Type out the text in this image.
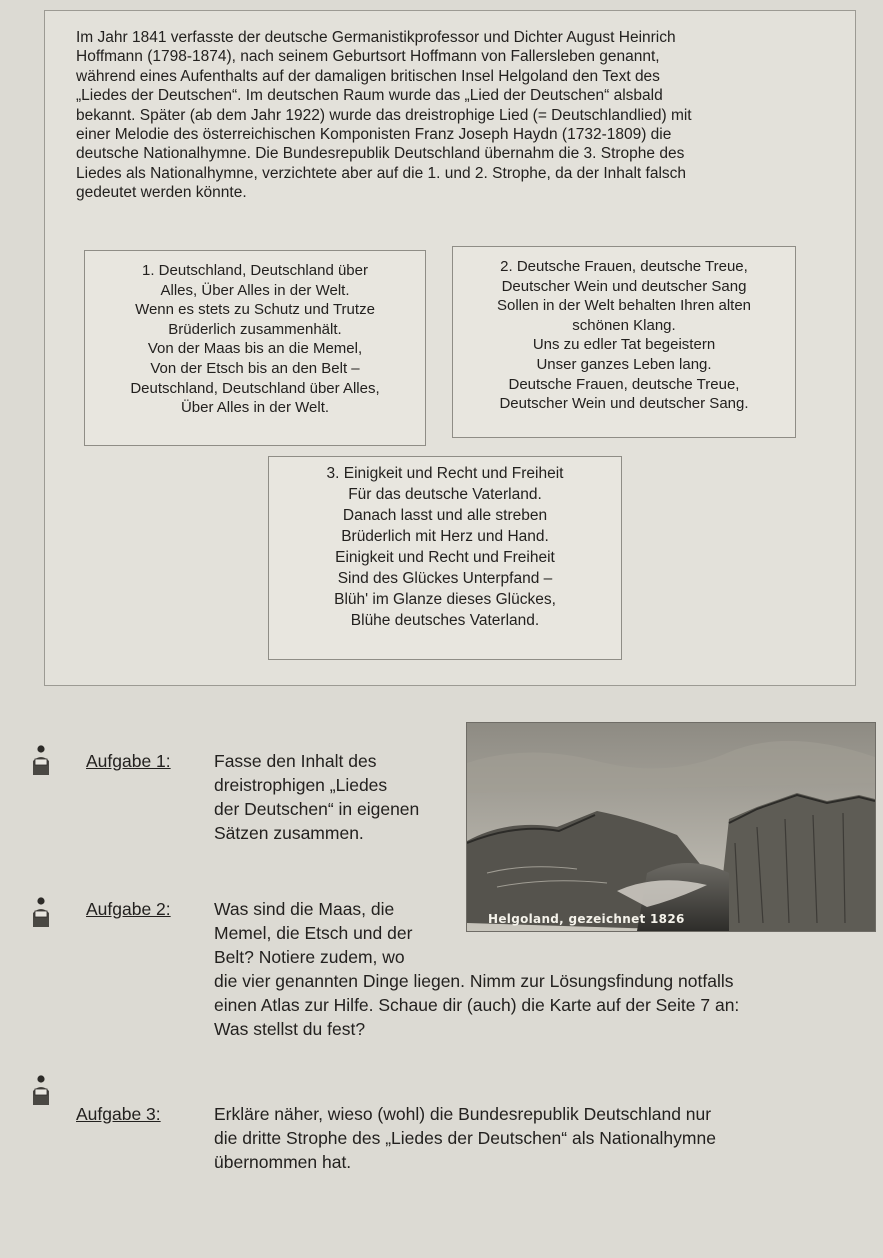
Im Jahr 1841 verfasste der deutsche Germanistikprofessor und Dichter August Heinrich
Hoffmann (1798-1874), nach seinem Geburtsort Hoffmann von Fallersleben genannt,
während eines Aufenthalts auf der damaligen britischen Insel Helgoland den Text des
„Liedes der Deutschen“. Im deutschen Raum wurde das „Lied der Deutschen“ alsbald
bekannt. Später (ab dem Jahr 1922) wurde das dreistrophige Lied (= Deutschlandlied) mit
einer Melodie des österreichischen Komponisten Franz Joseph Haydn (1732-1809) die
deutsche Nationalhymne. Die Bundesrepublik Deutschland übernahm die 3. Strophe des
Liedes als Nationalhymne, verzichtete aber auf die 1. und 2. Strophe, da der Inhalt falsch
gedeutet werden könnte.
1. Deutschland, Deutschland über
Alles, Über Alles in der Welt.
Wenn es stets zu Schutz und Trutze
Brüderlich zusammenhält.
Von der Maas bis an die Memel,
Von der Etsch bis an den Belt –
Deutschland, Deutschland über Alles,
Über Alles in der Welt.
2. Deutsche Frauen, deutsche Treue,
Deutscher Wein und deutscher Sang
Sollen in der Welt behalten Ihren alten
schönen Klang.
Uns zu edler Tat begeistern
Unser ganzes Leben lang.
Deutsche Frauen, deutsche Treue,
Deutscher Wein und deutscher Sang.
3. Einigkeit und Recht und Freiheit
Für das deutsche Vaterland.
Danach lasst und alle streben
Brüderlich mit Herz und Hand.
Einigkeit und Recht und Freiheit
Sind des Glückes Unterpfand –
Blüh' im Glanze dieses Glückes,
Blühe deutsches Vaterland.
Helgoland, gezeichnet 1826
Aufgabe 1: Fasse den Inhalt des
dreistrophigen „Liedes
der Deutschen“ in eigenen
Sätzen zusammen.
Aufgabe 2: Was sind die Maas, die
Memel, die Etsch und der
Belt? Notiere zudem, wo
die vier genannten Dinge liegen. Nimm zur Lösungsfindung notfalls
einen Atlas zur Hilfe. Schaue dir (auch) die Karte auf der Seite 7 an:
Was stellst du fest?
Aufgabe 3:	Erkläre näher, wieso (wohl) die Bundesrepublik Deutschland nur
die dritte Strophe des „Liedes der Deutschen“ als Nationalhymne
übernommen hat.
